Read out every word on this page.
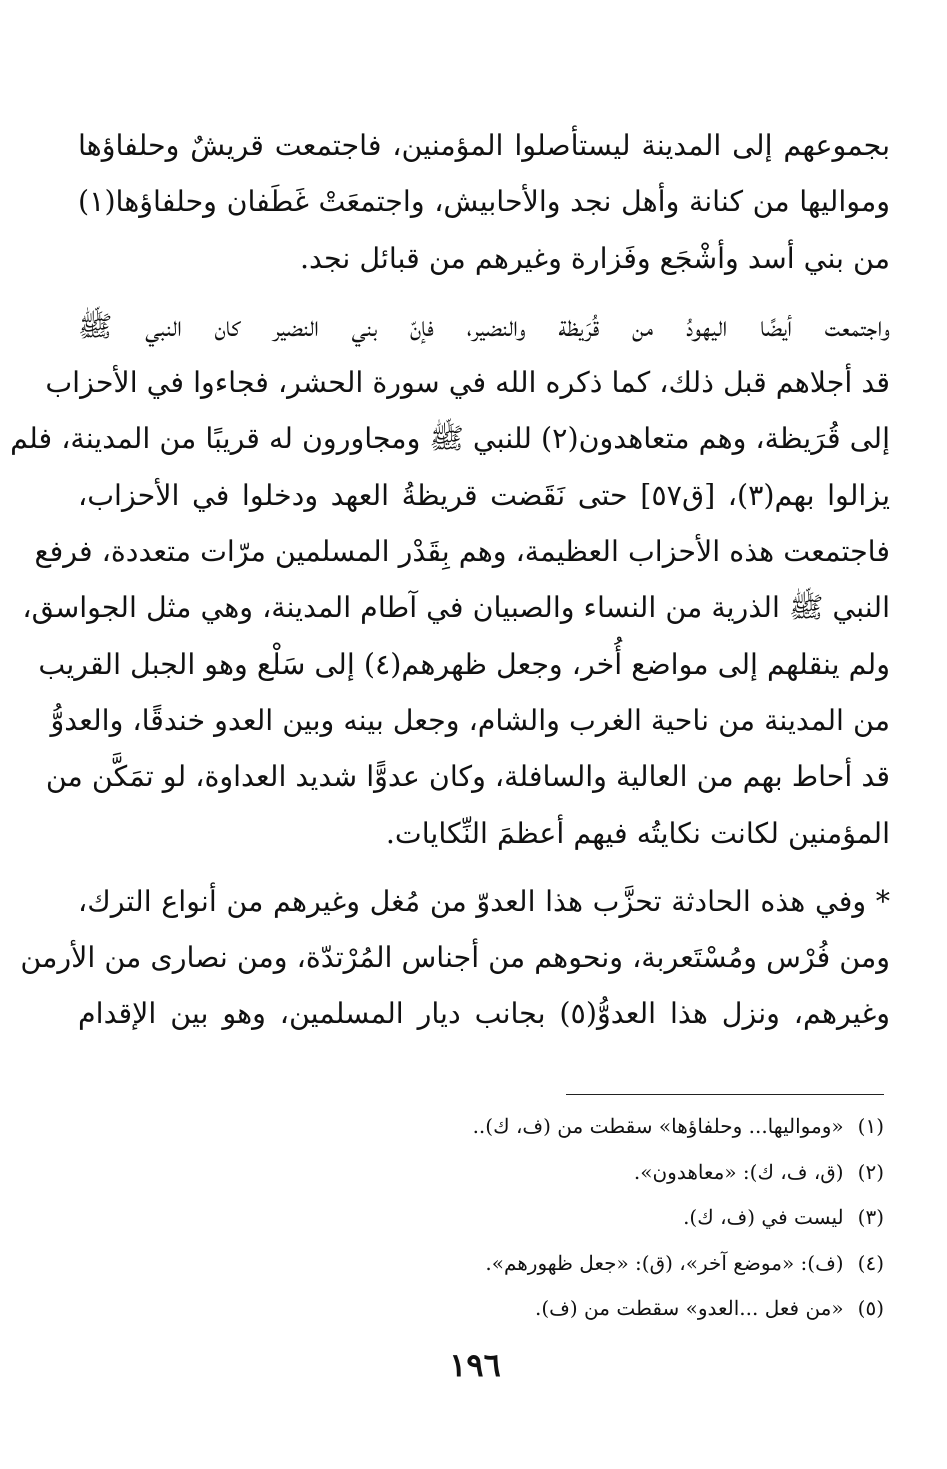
بجموعهم إلى المدينة ليستأصلوا المؤمنين، فاجتمعت قريشٌ وحلفاؤها
ومواليها من كنانة وأهل نجد والأحابيش، واجتمعَتْ غَطَفان وحلفاؤها(١)
من بني أسد وأشْجَع وفَزارة وغيرهم من قبائل نجد.
واجتمعت أيضًا اليهودُ من قُرَيظة والنضير، فإنّ بني النضير كان النبي ﷺ
قد أجلاهم قبل ذلك، كما ذكره الله في سورة الحشر، فجاءوا في الأحزاب
إلى قُرَيظة، وهم متعاهدون(٢) للنبي ﷺ ومجاورون له قريبًا من المدينة، فلم
يزالوا بهم(٣)، [ق٥٧] حتى نَقَضت قريظةُ العهد ودخلوا في الأحزاب،
فاجتمعت هذه الأحزاب العظيمة، وهم بِقَدْر المسلمين مرّات متعددة، فرفع
النبي ﷺ الذرية من النساء والصبيان في آطام المدينة، وهي مثل الجواسق،
ولم ينقلهم إلى مواضع أُخر، وجعل ظهرهم(٤) إلى سَلْع وهو الجبل القريب
من المدينة من ناحية الغرب والشام، وجعل بينه وبين العدو خندقًا، والعدوُّ
قد أحاط بهم من العالية والسافلة، وكان عدوًّا شديد العداوة، لو تمَكَّن من
المؤمنين لكانت نكايتُه فيهم أعظمَ النِّكايات.
* وفي هذه الحادثة تحزَّب هذا العدوّ من مُغل وغيرهم من أنواع الترك،
ومن فُرْس ومُسْتَعربة، ونحوهم من أجناس المُرْتدّة، ومن نصارى من الأرمن
وغيرهم، ونزل هذا العدوُّ(٥) بجانب ديار المسلمين، وهو بين الإقدام
(١)«ومواليها... وحلفاؤها» سقطت من (ف، ك)..
(٢)(ق، ف، ك): «معاهدون».
(٣)ليست في (ف، ك).
(٤)(ف): «موضع آخر»، (ق): «جعل ظهورهم».
(٥)«من فعل ...العدو» سقطت من (ف).
١٩٦
